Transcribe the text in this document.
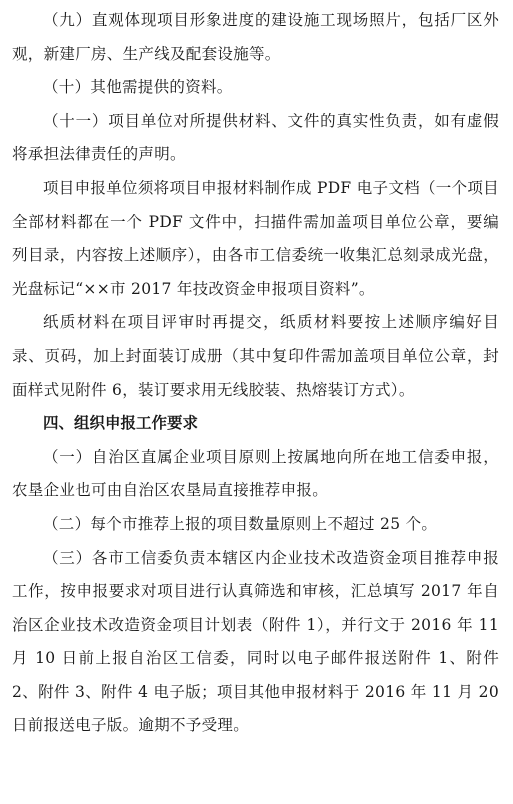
（九）直观体现项目形象进度的建设施工现场照片，包括厂区外观，新建厂房、生产线及配套设施等。

（十）其他需提供的资料。

（十一）项目单位对所提供材料、文件的真实性负责，如有虚假将承担法律责任的声明。

项目申报单位须将项目申报材料制作成 PDF 电子文档（一个项目全部材料都在一个 PDF 文件中，扫描件需加盖项目单位公章，要编列目录，内容按上述顺序），由各市工信委统一收集汇总刻录成光盘，光盘标记“××市 2017 年技改资金申报项目资料”。

纸质材料在项目评审时再提交，纸质材料要按上述顺序编好目录、页码，加上封面装订成册（其中复印件需加盖项目单位公章，封面样式见附件 6，装订要求用无线胶装、热熔装订方式）。

四、组织申报工作要求

（一）自治区直属企业项目原则上按属地向所在地工信委申报，农垦企业也可由自治区农垦局直接推荐申报。

（二）每个市推荐上报的项目数量原则上不超过 25 个。

（三）各市工信委负责本辖区内企业技术改造资金项目推荐申报工作，按申报要求对项目进行认真筛选和审核，汇总填写 2017 年自治区企业技术改造资金项目计划表（附件 1），并行文于 2016 年 11 月 10 日前上报自治区工信委，同时以电子邮件报送附件 1、附件 2、附件 3、附件 4 电子版；项目其他申报材料于 2016 年 11 月 20 日前报送电子版。逾期不予受理。
